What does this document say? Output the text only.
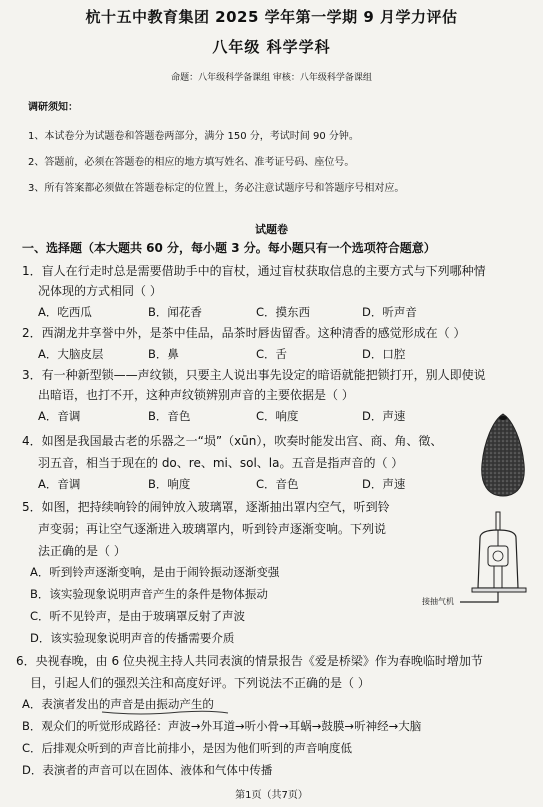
杭十五中教育集团 2025 学年第一学期 9 月学力评估
八年级 科学学科
命题：八年级科学备课组 审核：八年级科学备课组
调研须知：
1、本试卷分为试题卷和答题卷两部分，满分 150 分，考试时间 90 分钟。
2、答题前，必须在答题卷的相应的地方填写姓名、准考证号码、座位号。
3、所有答案都必须做在答题卷标定的位置上，务必注意试题序号和答题序号相对应。
试题卷
一、选择题（本大题共 60 分，每小题 3 分。每小题只有一个选项符合题意）
1．盲人在行走时总是需要借助手中的盲杖，通过盲杖获取信息的主要方式与下列哪种情
况体现的方式相同（ ）
A．吃西瓜	B．闻花香	C．摸东西	D．听声音
2．西湖龙井享誉中外，是茶中佳品，品茶时唇齿留香。这种清香的感觉形成在（ ）
A．大脑皮层	B．鼻	C．舌	D．口腔
3．有一种新型锁——声纹锁，只要主人说出事先设定的暗语就能把锁打开，别人即使说
出暗语，也打不开，这种声纹锁辨别声音的主要依据是（ ）
A．音调	B．音色	C．响度	D．声速
4．如图是我国最古老的乐器之一“埙”（xūn），吹奏时能发出宫、商、角、徵、
羽五音，相当于现在的 do、re、mi、sol、la。五音是指声音的（ ）
A．音调	B．响度	C．音色	D．声速
5．如图，把持续响铃的闹钟放入玻璃罩，逐渐抽出罩内空气，听到铃
声变弱；再让空气逐渐进入玻璃罩内，听到铃声逐渐变响。下列说
法正确的是（ ）
A．听到铃声逐渐变响，是由于闹铃振动逐渐变强
B．该实验现象说明声音产生的条件是物体振动
C．听不见铃声，是由于玻璃罩反射了声波
D．该实验现象说明声音的传播需要介质
接抽气机
6．央视春晚，由 6 位央视主持人共同表演的情景报告《爱是桥梁》作为春晚临时增加节
目，引起人们的强烈关注和高度好评。下列说法不正确的是（ ）
A．表演者发出的声音是由振动产生的
B．观众们的听觉形成路径：声波→外耳道→听小骨→耳蜗→鼓膜→听神经→大脑
C．后排观众听到的声音比前排小，是因为他们听到的声音响度低
D．表演者的声音可以在固体、液体和气体中传播
第1页（共7页）
